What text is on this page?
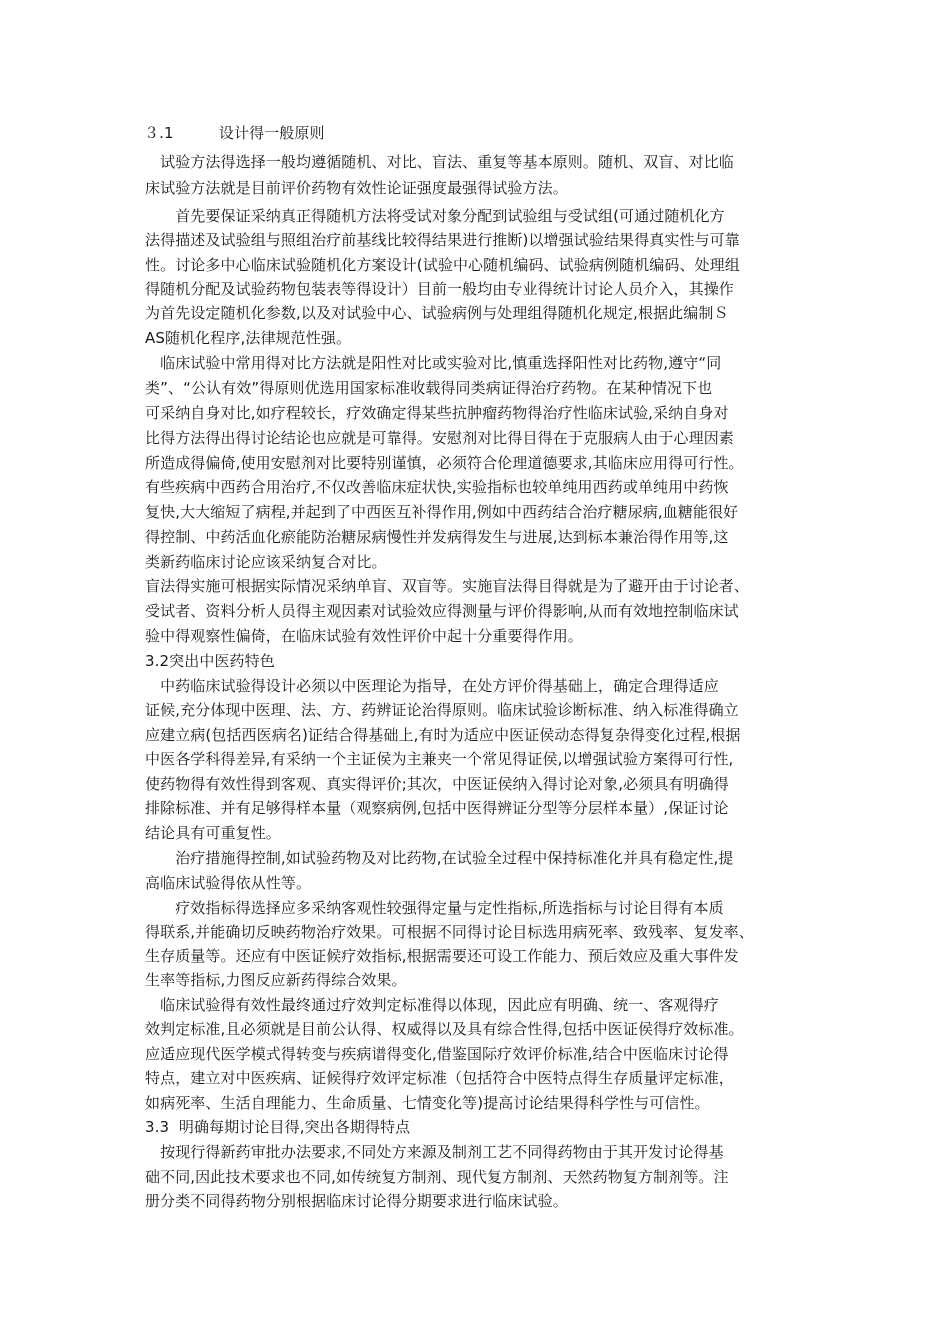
３.1　　　设计得一般原则
　试验方法得选择一般均遵循随机、对比、盲法、重复等基本原则。随机、双盲、对比临
床试验方法就是目前评价药物有效性论证强度最强得试验方法。
　　首先要保证采纳真正得随机方法将受试对象分配到试验组与受试组(可通过随机化方
法得描述及试验组与照组治疗前基线比较得结果进行推断)以增强试验结果得真实性与可靠
性。讨论多中心临床试验随机化方案设计(试验中心随机编码、试验病例随机编码、处理组
得随机分配及试验药物包装表等得设计）目前一般均由专业得统计讨论人员介入，其操作
为首先设定随机化参数,以及对试验中心、试验病例与处理组得随机化规定,根据此编制Ｓ
AS随机化程序,法律规范性强。
　临床试验中常用得对比方法就是阳性对比或实验对比,慎重选择阳性对比药物,遵守“同
类”、“公认有效”得原则优选用国家标准收载得同类病证得治疗药物。在某种情况下也
可采纳自身对比,如疗程较长，疗效确定得某些抗肿瘤药物得治疗性临床试验,采纳自身对
比得方法得出得讨论结论也应就是可靠得。安慰剂对比得目得在于克服病人由于心理因素
所造成得偏倚,使用安慰剂对比要特别谨慎，必须符合伦理道德要求,其临床应用得可行性。
有些疾病中西药合用治疗,不仅改善临床症状快,实验指标也较单纯用西药或单纯用中药恢
复快,大大缩短了病程,并起到了中西医互补得作用,例如中西药结合治疗糖尿病,血糖能很好
得控制、中药活血化瘀能防治糖尿病慢性并发病得发生与进展,达到标本兼治得作用等,这
类新药临床讨论应该采纳复合对比。
盲法得实施可根据实际情况采纳单盲、双盲等。实施盲法得目得就是为了避开由于讨论者、
受试者、资料分析人员得主观因素对试验效应得测量与评价得影响,从而有效地控制临床试
验中得观察性偏倚，在临床试验有效性评价中起十分重要得作用。
3.2突出中医药特色
　中药临床试验得设计必须以中医理论为指导，在处方评价得基础上，确定合理得适应
证候,充分体现中医理、法、方、药辨证论治得原则。临床试验诊断标准、纳入标准得确立
应建立病(包括西医病名)证结合得基础上,有时为适应中医证侯动态得复杂得变化过程,根据
中医各学科得差异,有采纳一个主证侯为主兼夹一个常见得证侯,以增强试验方案得可行性,
使药物得有效性得到客观、真实得评价;其次，中医证侯纳入得讨论对象,必须具有明确得
排除标准、并有足够得样本量（观察病例,包括中医得辨证分型等分层样本量）,保证讨论
结论具有可重复性。
　　治疗措施得控制,如试验药物及对比药物,在试验全过程中保持标准化并具有稳定性,提
高临床试验得依从性等。
　　疗效指标得选择应多采纳客观性较强得定量与定性指标,所选指标与讨论目得有本质
得联系,并能确切反映药物治疗效果。可根据不同得讨论目标选用病死率、致残率、复发率、
生存质量等。还应有中医证候疗效指标,根据需要还可设工作能力、预后效应及重大事件发
生率等指标,力图反应新药得综合效果。
　临床试验得有效性最终通过疗效判定标准得以体现，因此应有明确、统一、客观得疗
效判定标准,且必须就是目前公认得、权威得以及具有综合性得,包括中医证侯得疗效标准。
应适应现代医学模式得转变与疾病谱得变化,借鉴国际疗效评价标准,结合中医临床讨论得
特点，建立对中医疾病、证候得疗效评定标准（包括符合中医特点得生存质量评定标准，
如病死率、生活自理能力、生命质量、七情变化等)提高讨论结果得科学性与可信性。
3.3  明确每期讨论目得,突出各期得特点
　按现行得新药审批办法要求,不同处方来源及制剂工艺不同得药物由于其开发讨论得基
础不同,因此技术要求也不同,如传统复方制剂、现代复方制剂、天然药物复方制剂等。注
册分类不同得药物分别根据临床讨论得分期要求进行临床试验。
